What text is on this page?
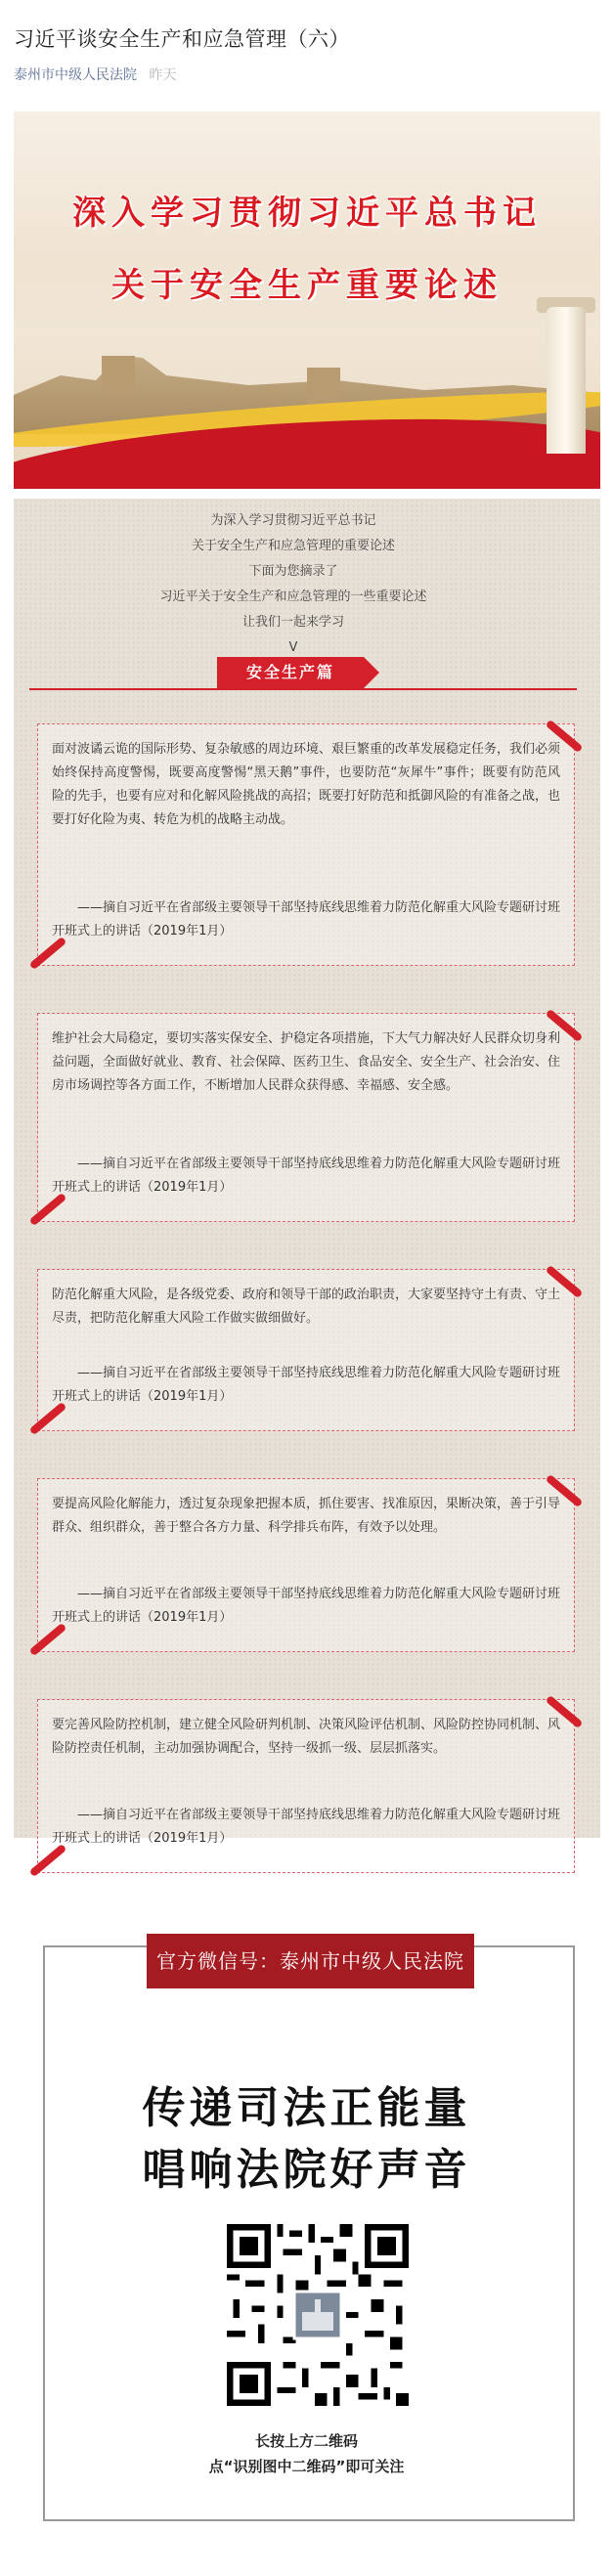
习近平谈安全生产和应急管理（六）
泰州市中级人民法院 昨天
深入学习贯彻习近平总书记
关于安全生产重要论述
为深入学习贯彻习近平总书记
关于安全生产和应急管理的重要论述
下面为您摘录了
习近平关于安全生产和应急管理的一些重要论述
让我们一起来学习
V
安全生产篇
面对波谲云诡的国际形势、复杂敏感的周边环境、艰巨繁重的改革发展稳定任务，我们必须始终保持高度警惕，既要高度警惕“黑天鹅”事件，也要防范“灰犀牛”事件；既要有防范风险的先手，也要有应对和化解风险挑战的高招；既要打好防范和抵御风险的有准备之战，也要打好化险为夷、转危为机的战略主动战。
——摘自习近平在省部级主要领导干部坚持底线思维着力防范化解重大风险专题研讨班开班式上的讲话（2019年1月）
维护社会大局稳定，要切实落实保安全、护稳定各项措施，下大气力解决好人民群众切身利益问题，全面做好就业、教育、社会保障、医药卫生、食品安全、安全生产、社会治安、住房市场调控等各方面工作，不断增加人民群众获得感、幸福感、安全感。
——摘自习近平在省部级主要领导干部坚持底线思维着力防范化解重大风险专题研讨班开班式上的讲话（2019年1月）
防范化解重大风险，是各级党委、政府和领导干部的政治职责，大家要坚持守土有责、守土尽责，把防范化解重大风险工作做实做细做好。
——摘自习近平在省部级主要领导干部坚持底线思维着力防范化解重大风险专题研讨班开班式上的讲话（2019年1月）
要提高风险化解能力，透过复杂现象把握本质，抓住要害、找准原因，果断决策，善于引导群众、组织群众，善于整合各方力量、科学排兵布阵，有效予以处理。
——摘自习近平在省部级主要领导干部坚持底线思维着力防范化解重大风险专题研讨班开班式上的讲话（2019年1月）
要完善风险防控机制，建立健全风险研判机制、决策风险评估机制、风险防控协同机制、风险防控责任机制，主动加强协调配合，坚持一级抓一级、层层抓落实。
——摘自习近平在省部级主要领导干部坚持底线思维着力防范化解重大风险专题研讨班开班式上的讲话（2019年1月）
官方微信号：泰州市中级人民法院
传递司法正能量
唱响法院好声音
长按上方二维码
点“识别图中二维码”即可关注
